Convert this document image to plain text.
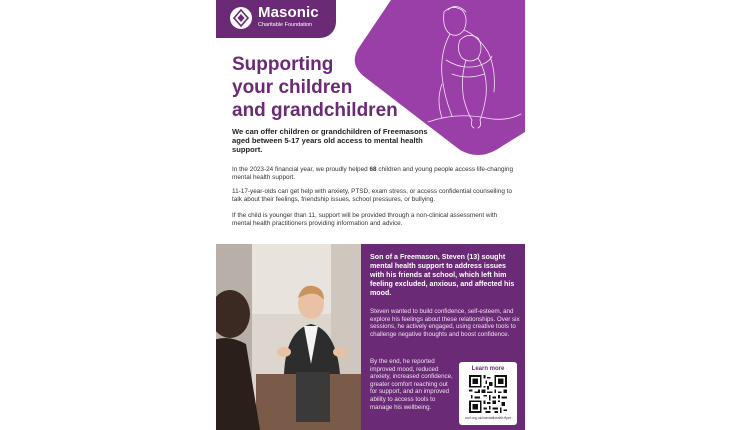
Masonic
Charitable Foundation
Supporting
your children
and grandchildren
We can offer children or grandchildren of Freemasons aged between 5-17 years old access to mental health support.
In the 2023-24 financial year, we proudly helped 68 children and young people access life-changing mental health support.
11-17-year-olds can get help with anxiety, PTSD, exam stress, or access confidential counselling to talk about their feelings, friendship issues, school pressures, or bullying.
If the child is younger than 11, support will be provided through a non-clinical assessment with mental health practitioners providing information and advice.
Son of a Freemason, Steven (13) sought mental health support to address issues with his friends at school, which left him feeling excluded, anxious, and affected his mood.
Steven wanted to build confidence, self-esteem, and explore his feelings about these relationships. Over six sessions, he actively engaged, using creative tools to challenge negative thoughts and boost confidence.
By the end, he reported improved mood, reduced anxiety, increased confidence, greater comfort reaching out for support, and an improved ability to access tools to manage his wellbeing.
Learn more
mcf.org.uk/mentalhealth-flyer
